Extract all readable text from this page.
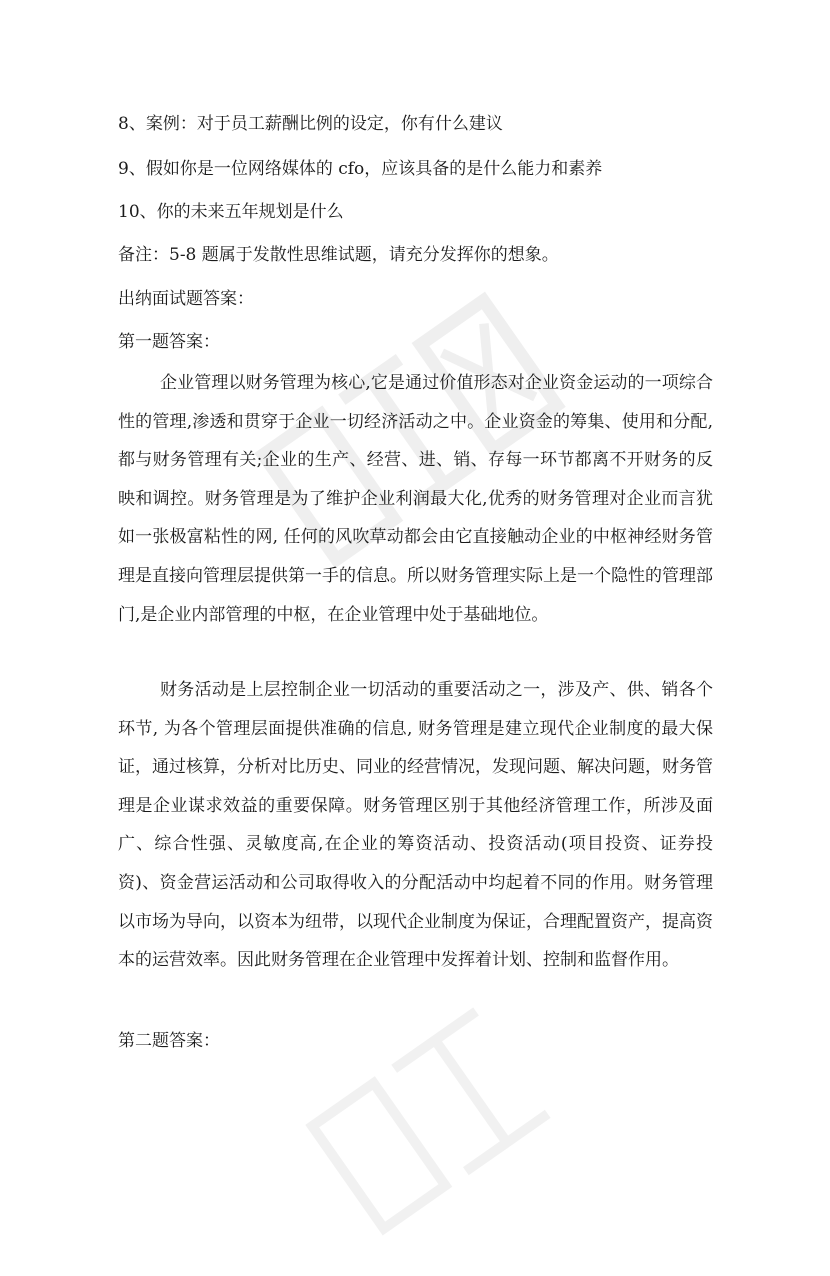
8、案例：对于员工薪酬比例的设定，你有什么建议

9、假如你是一位网络媒体的 cfo，应该具备的是什么能力和素养

10、你的未来五年规划是什么

备注：5-8 题属于发散性思维试题，请充分发挥你的想象。

出纳面试题答案：

第一题答案：

企业管理以财务管理为核心,它是通过价值形态对企业资金运动的一项综合性的管理,渗透和贯穿于企业一切经济活动之中。企业资金的筹集、使用和分配,都与财务管理有关;企业的生产、经营、进、销、存每一环节都离不开财务的反映和调控。财务管理是为了维护企业利润最大化,优秀的财务管理对企业而言犹如一张极富粘性的网, 任何的风吹草动都会由它直接触动企业的中枢神经财务管理是直接向管理层提供第一手的信息。所以财务管理实际上是一个隐性的管理部门,是企业内部管理的中枢，在企业管理中处于基础地位。

财务活动是上层控制企业一切活动的重要活动之一，涉及产、供、销各个环节, 为各个管理层面提供准确的信息, 财务管理是建立现代企业制度的最大保证，通过核算，分析对比历史、同业的经营情况，发现问题、解决问题，财务管理是企业谋求效益的重要保障。财务管理区别于其他经济管理工作，所涉及面广、综合性强、灵敏度高,在企业的筹资活动、投资活动(项目投资、证券投资)、资金营运活动和公司取得收入的分配活动中均起着不同的作用。财务管理以市场为导向，以资本为纽带，以现代企业制度为保证，合理配置资产，提高资本的运营效率。因此财务管理在企业管理中发挥着计划、控制和监督作用。

第二题答案：
